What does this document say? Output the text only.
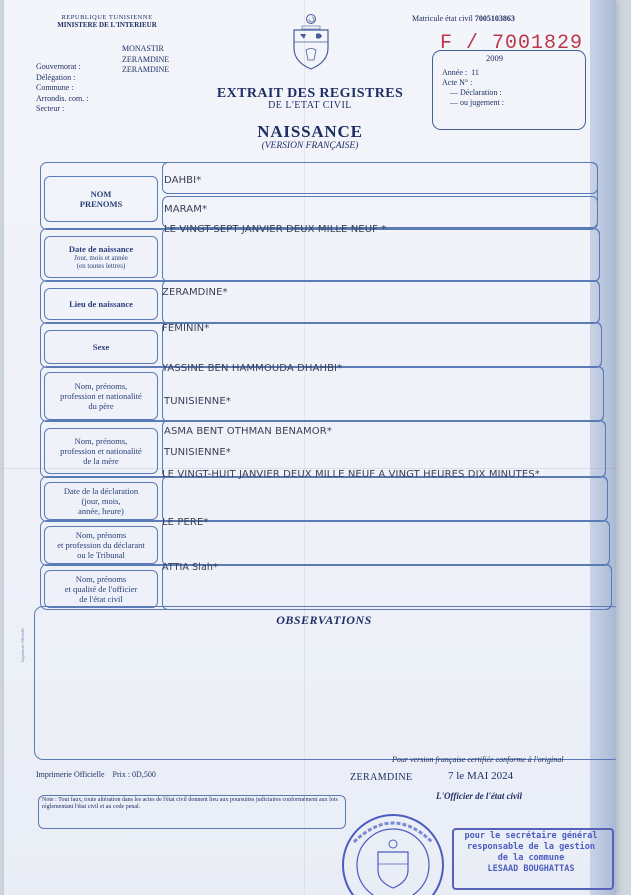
REPUBLIQUE TUNISIENNE
MINISTERE DE L'INTERIEUR
Gouvernorat :
Délégation :
Commune :
Arrondis. com. :
Secteur :
MONASTIR
ZERAMDINE
ZERAMDINE
Matricule état civil 7005103863
F / 7001829
2009
Année : 11
Acte N° :
— Déclaration :
— ou jugement :
EXTRAIT DES REGISTRES
DE L'ETAT CIVIL
NAISSANCE
(VERSION FRANÇAISE)
NOM
PRENOMS
DAHBI*
MARAM*
Date de naissance
Jour, mois et année
(en toutes lettres)
LE VINGT-SEPT JANVIER DEUX MILLE NEUF *
Lieu de naissance
ZERAMDINE*
Sexe
FEMININ*
Nom, prénoms,
profession et nationalité
du père
YASSINE BEN HAMMOUDA DHAHBI*
TUNISIENNE*
Nom, prénoms,
profession et nationalité
de la mère
ASMA BENT OTHMAN BENAMOR*
TUNISIENNE*
Date de la déclaration
(jour, mois,
année, heure)
LE VINGT-HUIT JANVIER DEUX MILLE NEUF A VINGT HEURES DIX MINUTES*
Nom, prénoms
et profession du déclarant
ou le Tribunal
LE PERE*
Nom, prénoms
et qualité de l'officier
de l'état civil
ATTIA Slah*
OBSERVATIONS
Imprimerie Officielle
Imprimerie Officielle Prix : 0D,500
Pour version française certifiée conforme à l'original
ZERAMDINE	7 le MAI 2024
L'Officier de l'état civil
Note : Tout faux, toute altération dans les actes de l'état civil donnent lieu aux poursuites judiciaires conformément aux lois réglementant l'état civil et au code penal.
pour le secrétaire général
responsable de la gestion
de la commune
LESAAD BOUGHATTAS
